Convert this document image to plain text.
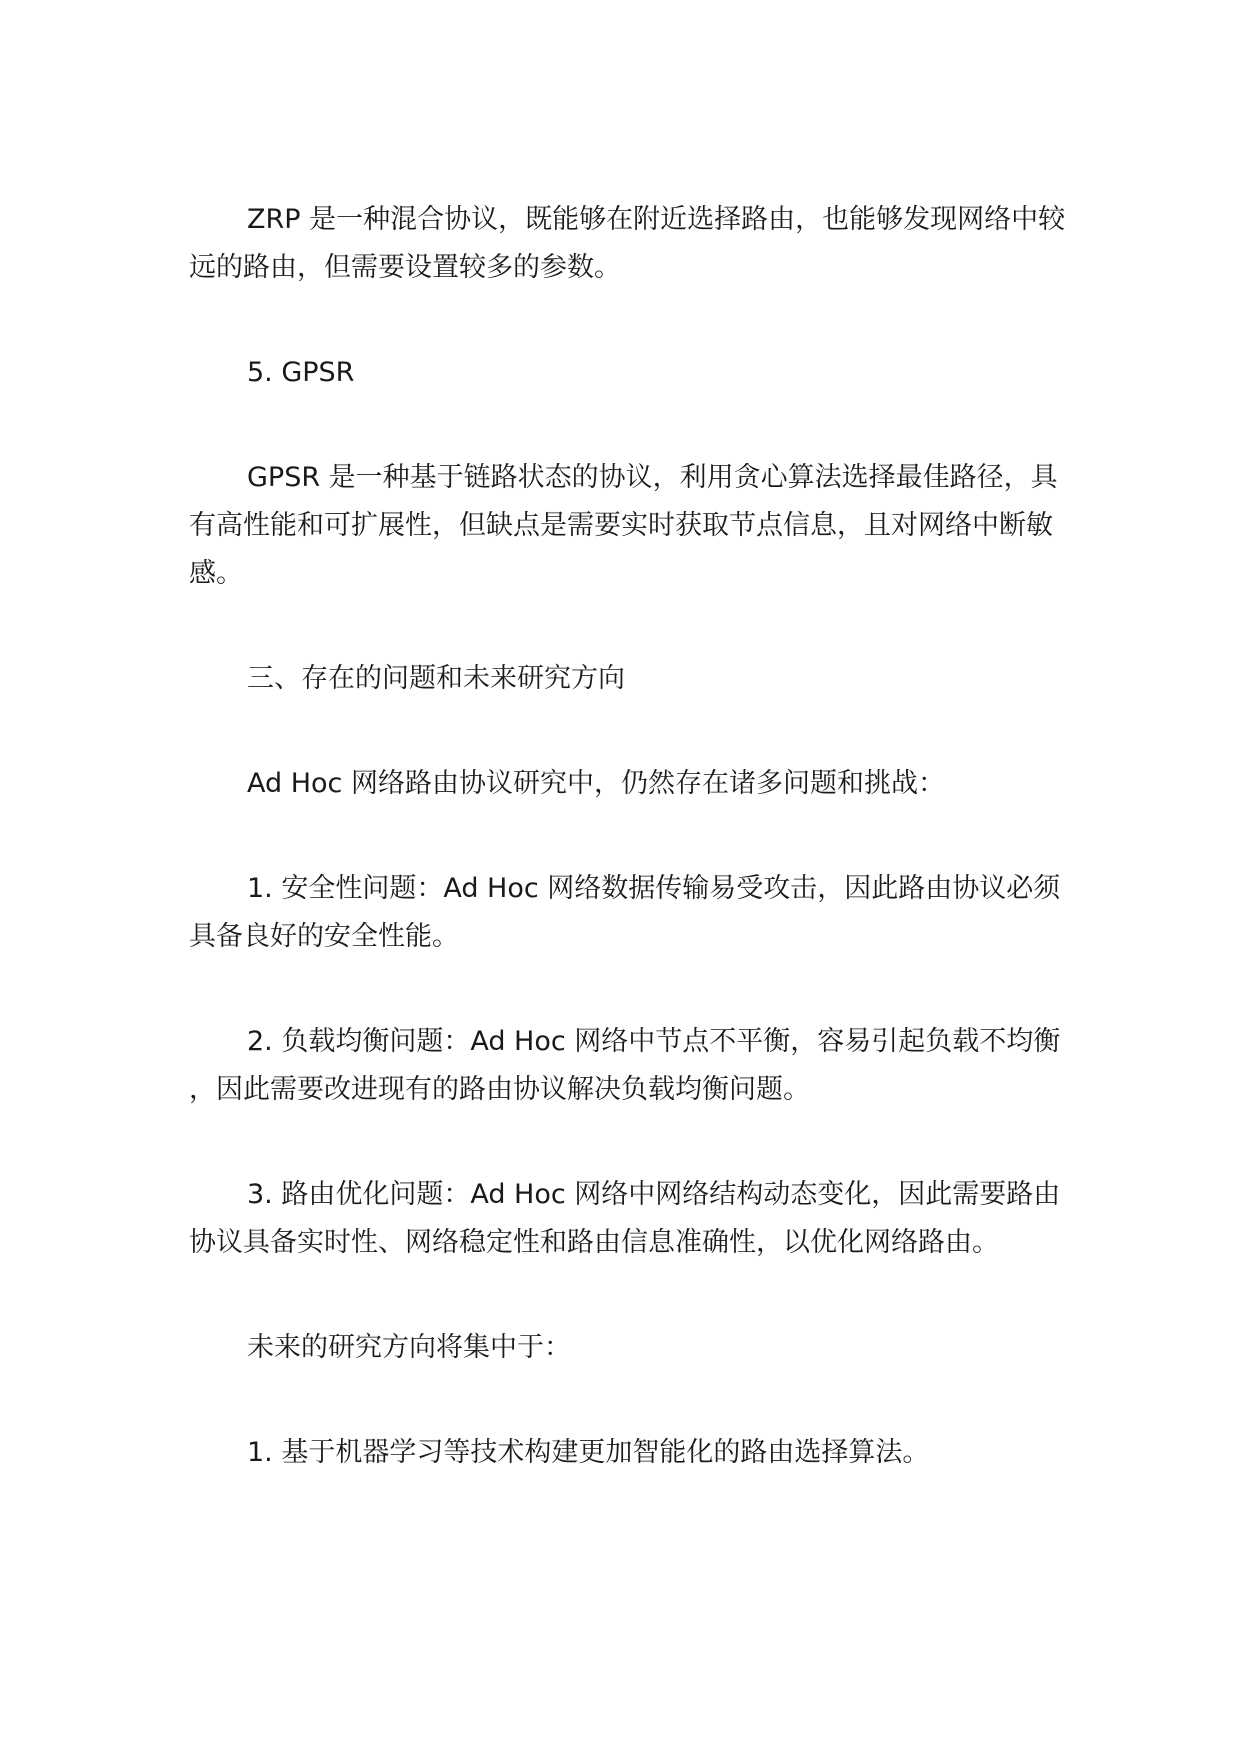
ZRP 是一种混合协议，既能够在附近选择路由，也能够发现网络中较远的路由，但需要设置较多的参数。

5. GPSR

GPSR 是一种基于链路状态的协议，利用贪心算法选择最佳路径，具有高性能和可扩展性，但缺点是需要实时获取节点信息，且对网络中断敏感。

三、存在的问题和未来研究方向

Ad Hoc 网络路由协议研究中，仍然存在诸多问题和挑战：

1. 安全性问题：Ad Hoc 网络数据传输易受攻击，因此路由协议必须具备良好的安全性能。

2. 负载均衡问题：Ad Hoc 网络中节点不平衡，容易引起负载不均衡，因此需要改进现有的路由协议解决负载均衡问题。

3. 路由优化问题：Ad Hoc 网络中网络结构动态变化，因此需要路由协议具备实时性、网络稳定性和路由信息准确性，以优化网络路由。

未来的研究方向将集中于：

1. 基于机器学习等技术构建更加智能化的路由选择算法。
